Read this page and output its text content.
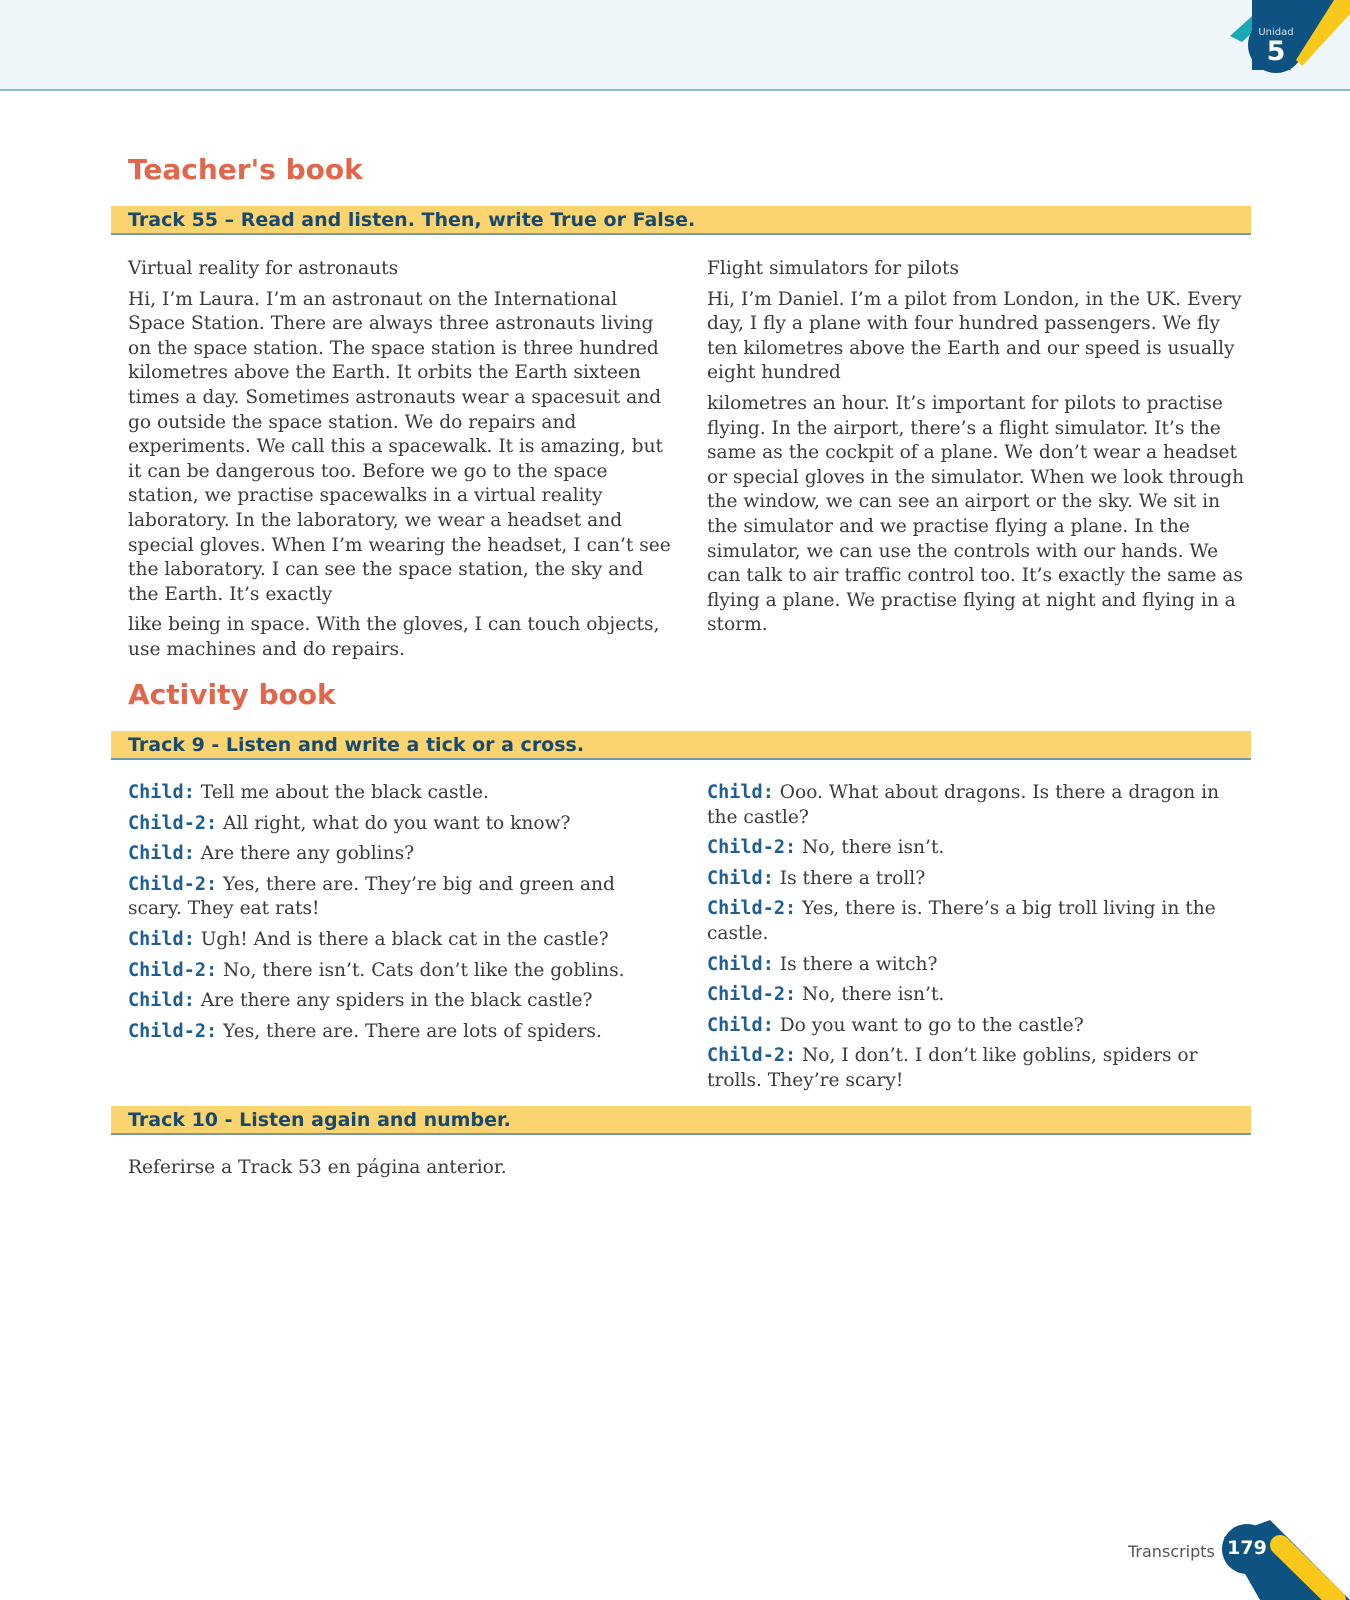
Unidad
5
Teacher's book
Track 55 – Read and listen. Then, write True or False.

Virtual reality for astronauts

Hi, I’m Laura. I’m an astronaut on the International Space Station. There are always three astronauts living on the space station. The space station is three hundred kilometres above the Earth. It orbits the Earth sixteen times a day. Sometimes astronauts wear a spacesuit and go outside the space station. We do repairs and experiments. We call this a spacewalk. It is amazing, but it can be dangerous too. Before we go to the space station, we practise spacewalks in a virtual reality laboratory. In the laboratory, we wear a headset and special gloves. When I’m wearing the headset, I can’t see the laboratory. I can see the space station, the sky and the Earth. It’s exactly

like being in space. With the gloves, I can touch objects, use machines and do repairs.

Flight simulators for pilots

Hi, I’m Daniel. I’m a pilot from London, in the UK. Every day, I fly a plane with four hundred passengers. We fly ten kilometres above the Earth and our speed is usually eight hundred

kilometres an hour. It’s important for pilots to practise flying. In the airport, there’s a flight simulator. It’s the same as the cockpit of a plane. We don’t wear a headset or special gloves in the simulator. When we look through the window, we can see an airport or the sky. We sit in the simulator and we practise flying a plane. In the simulator, we can use the controls with our hands. We can talk to air traffic control too. It’s exactly the same as flying a plane. We practise flying at night and flying in a storm.

Activity book
Track 9 - Listen and write a tick or a cross.

Child: Tell me about the black castle.

Child-2: All right, what do you want to know?

Child: Are there any goblins?

Child-2: Yes, there are. They’re big and green and scary. They eat rats!

Child: Ugh! And is there a black cat in the castle?

Child-2: No, there isn’t. Cats don’t like the goblins.

Child: Are there any spiders in the black castle?

Child-2: Yes, there are. There are lots of spiders.

Child: Ooo. What about dragons. Is there a dragon in the castle?

Child-2: No, there isn’t.

Child: Is there a troll?

Child-2: Yes, there is. There’s a big troll living in the castle.

Child: Is there a witch?

Child-2: No, there isn’t.

Child: Do you want to go to the castle?

Child-2: No, I don’t. I don’t like goblins, spiders or trolls. They’re scary!

Track 10 - Listen again and number.
Referirse a Track 53 en página anterior.
Transcripts 179
